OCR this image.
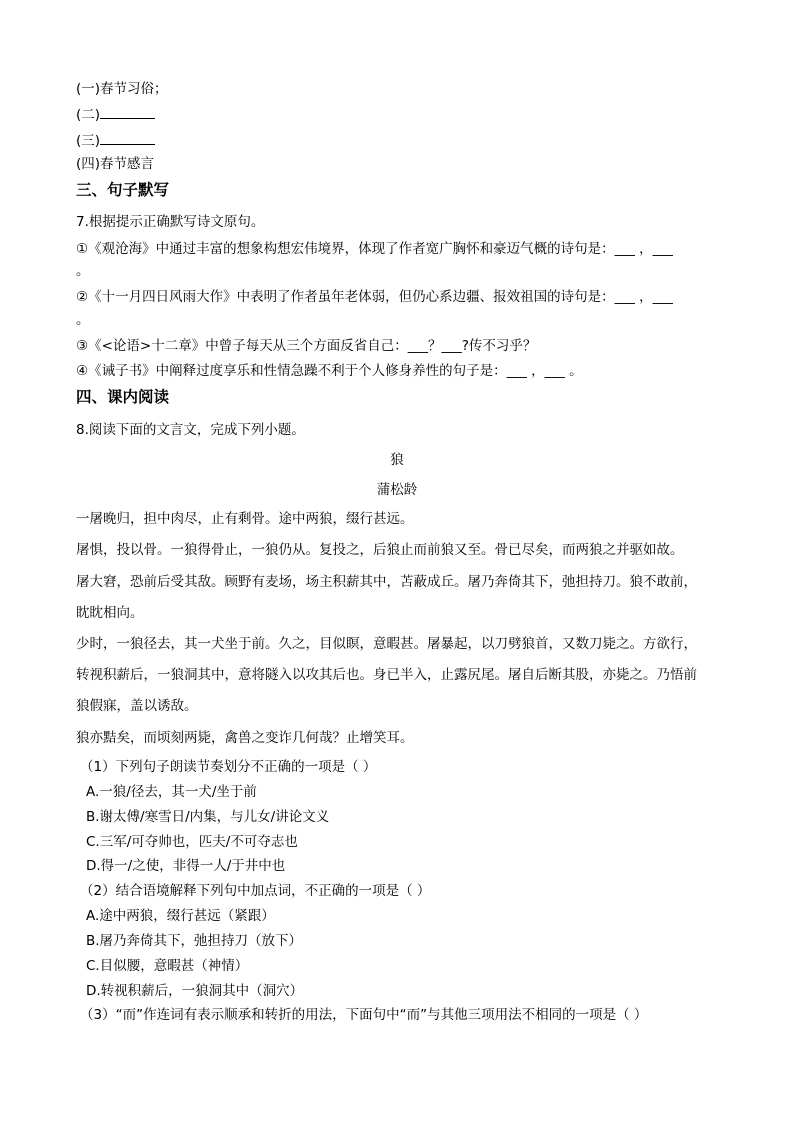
(一)春节习俗；
(二)
(三)
(四)春节感言
三、句子默写
7.根据提示正确默写诗文原句。
①《观沧海》中通过丰富的想象构想宏伟境界，体现了作者宽广胸怀和豪迈气概的诗句是：___ ，___
。
②《十一月四日风雨大作》中表明了作者虽年老体弱，但仍心系边疆、报效祖国的诗句是：___ ，___
。
③《<论语>十二章》中曾子每天从三个方面反省自己：___？___?传不习乎？
④《诫子书》中阐释过度享乐和性情急躁不利于个人修身养性的句子是：___ ，___ 。
四、课内阅读
8.阅读下面的文言文，完成下列小题。
狼
蒲松龄
一屠晚归，担中肉尽，止有剩骨。途中两狼，缀行甚远。
屠惧，投以骨。一狼得骨止，一狼仍从。复投之，后狼止而前狼又至。骨已尽矣，而两狼之并驱如故。
屠大窘，恐前后受其敌。顾野有麦场，场主积薪其中，苫蔽成丘。屠乃奔倚其下，弛担持刀。狼不敢前，
眈眈相向。
少时，一狼径去，其一犬坐于前。久之，目似瞑，意暇甚。屠暴起，以刀劈狼首，又数刀毙之。方欲行，
转视积薪后，一狼洞其中，意将隧入以攻其后也。身已半入，止露尻尾。屠自后断其股，亦毙之。乃悟前
狼假寐，盖以诱敌。
狼亦黠矣，而顷刻两毙，禽兽之变诈几何哉？止增笑耳。
（1）下列句子朗读节奏划分不正确的一项是（ ）
A.一狼/径去，其一犬/坐于前
B.谢太傅/寒雪日/内集，与儿女/讲论文义
C.三军/可夺帅也，匹夫/不可夺志也
D.得一/之使，非得一人/于井中也
（2）结合语境解释下列句中加点词，不正确的一项是（ ）
A.途中两狼，缀行甚远（紧跟）
B.屠乃奔倚其下，弛担持刀（放下）
C.目似腰，意暇甚（神情）
D.转视积薪后，一狼洞其中（洞穴）
（3）“而”作连词有表示顺承和转折的用法，下面句中“而”与其他三项用法不相同的一项是（ ）
